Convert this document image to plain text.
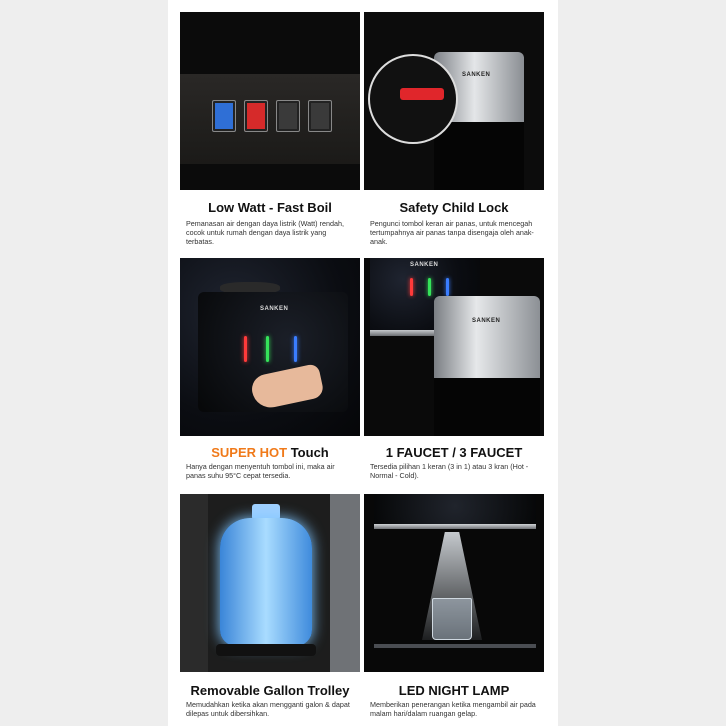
Low Watt - Fast Boil
Pemanasan air dengan daya listrik (Watt) rendah, cocok untuk rumah dengan daya listrik yang terbatas.
SANKEN
Safety Child Lock
Pengunci tombol keran air panas, untuk mencegah tertumpahnya air panas tanpa disengaja oleh anak-anak.
SANKEN
SUPER HOT Touch
Hanya dengan menyentuh tombol ini, maka air panas suhu 95°C cepat tersedia.
SANKEN
SANKEN
1 FAUCET / 3 FAUCET
Tersedia pilihan 1 keran (3 in 1) atau 3 kran (Hot - Normal - Cold).
Removable Gallon Trolley
Memudahkan ketika akan mengganti galon & dapat dilepas untuk dibersihkan.
LED NIGHT LAMP
Memberikan penerangan ketika mengambil air pada malam hari/dalam ruangan gelap.
